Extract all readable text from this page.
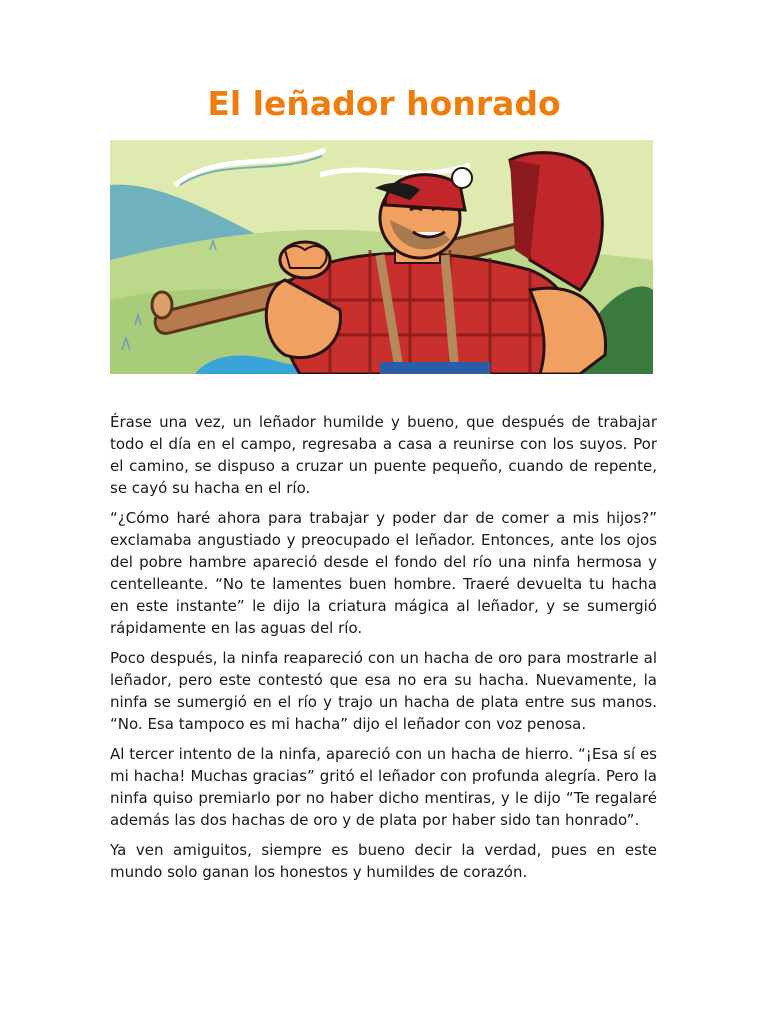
El leñador honrado

Érase una vez, un leñador humilde y bueno, que después de trabajar todo el día en el campo, regresaba a casa a reunirse con los suyos. Por el camino, se dispuso a cruzar un puente pequeño, cuando de repente, se cayó su hacha en el río.

“¿Cómo haré ahora para trabajar y poder dar de comer a mis hijos?” exclamaba angustiado y preocupado el leñador. Entonces, ante los ojos del pobre hambre apareció desde el fondo del río una ninfa hermosa y centelleante. “No te lamentes buen hombre. Traeré devuelta tu hacha en este instante” le dijo la criatura mágica al leñador, y se sumergió rápidamente en las aguas del río.

Poco después, la ninfa reapareció con un hacha de oro para mostrarle al leñador, pero este contestó que esa no era su hacha. Nuevamente, la ninfa se sumergió en el río y trajo un hacha de plata entre sus manos. “No. Esa tampoco es mi hacha” dijo el leñador con voz penosa.

Al tercer intento de la ninfa, apareció con un hacha de hierro. “¡Esa sí es mi hacha! Muchas gracias” gritó el leñador con profunda alegría. Pero la ninfa quiso premiarlo por no haber dicho mentiras, y le dijo “Te regalaré además las dos hachas de oro y de plata por haber sido tan honrado”.

Ya ven amiguitos, siempre es bueno decir la verdad, pues en este mundo solo ganan los honestos y humildes de corazón.
